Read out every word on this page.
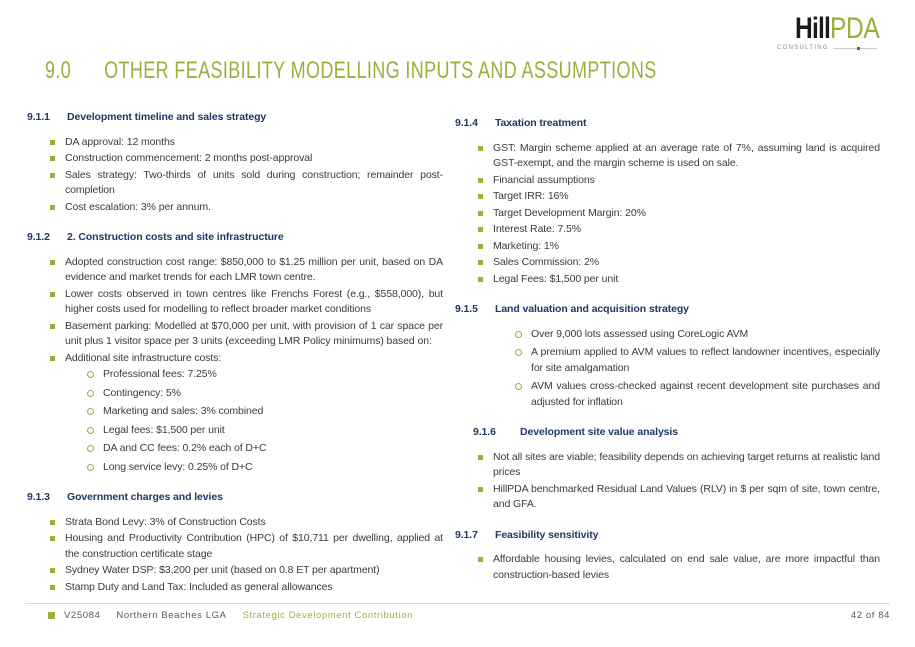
HillPDA
CONSULTING
9.0 OTHER FEASIBILITY MODELLING INPUTS AND ASSUMPTIONS
9.1.1	Development timeline and sales strategy
DA approval: 12 months
Construction commencement: 2 months post-approval
Sales strategy: Two-thirds of units sold during construction; remainder post-completion
Cost escalation: 3% per annum.
9.1.2	2. Construction costs and site infrastructure
Adopted construction cost range: $850,000 to $1.25 million per unit, based on DA evidence and market trends for each LMR town centre.
Lower costs observed in town centres like Frenchs Forest (e.g., $558,000), but higher costs used for modelling to reflect broader market conditions
Basement parking: Modelled at $70,000 per unit, with provision of 1 car space per unit plus 1 visitor space per 3 units (exceeding LMR Policy minimums) based on:
Additional site infrastructure costs:
Professional fees: 7.25%
Contingency: 5%
Marketing and sales: 3% combined
Legal fees: $1,500 per unit
DA and CC fees: 0.2% each of D+C
Long service levy: 0.25% of D+C
9.1.3	Government charges and levies
Strata Bond Levy: 3% of Construction Costs
Housing and Productivity Contribution (HPC) of $10,711 per dwelling, applied at the construction certificate stage
Sydney Water DSP: $3,200 per unit (based on 0.8 ET per apartment)
Stamp Duty and Land Tax: Included as general allowances
9.1.4	Taxation treatment
GST: Margin scheme applied at an average rate of 7%, assuming land is acquired GST-exempt, and the margin scheme is used on sale.
Financial assumptions
Target IRR: 16%
Target Development Margin: 20%
Interest Rate: 7.5%
Marketing: 1%
Sales Commission: 2%
Legal Fees: $1,500 per unit
9.1.5	Land valuation and acquisition strategy
Over 9,000 lots assessed using CoreLogic AVM
A premium applied to AVM values to reflect landowner incentives, especially for site amalgamation
AVM values cross-checked against recent development site purchases and adjusted for inflation
9.1.6	Development site value analysis
Not all sites are viable; feasibility depends on achieving target returns at realistic land prices
HillPDA benchmarked Residual Land Values (RLV) in $ per sqm of site, town centre, and GFA.
9.1.7	Feasibility sensitivity
Affordable housing levies, calculated on end sale value, are more impactful than construction-based levies
V25084 Northern Beaches LGA Strategic Development Contribution	42 of 84
